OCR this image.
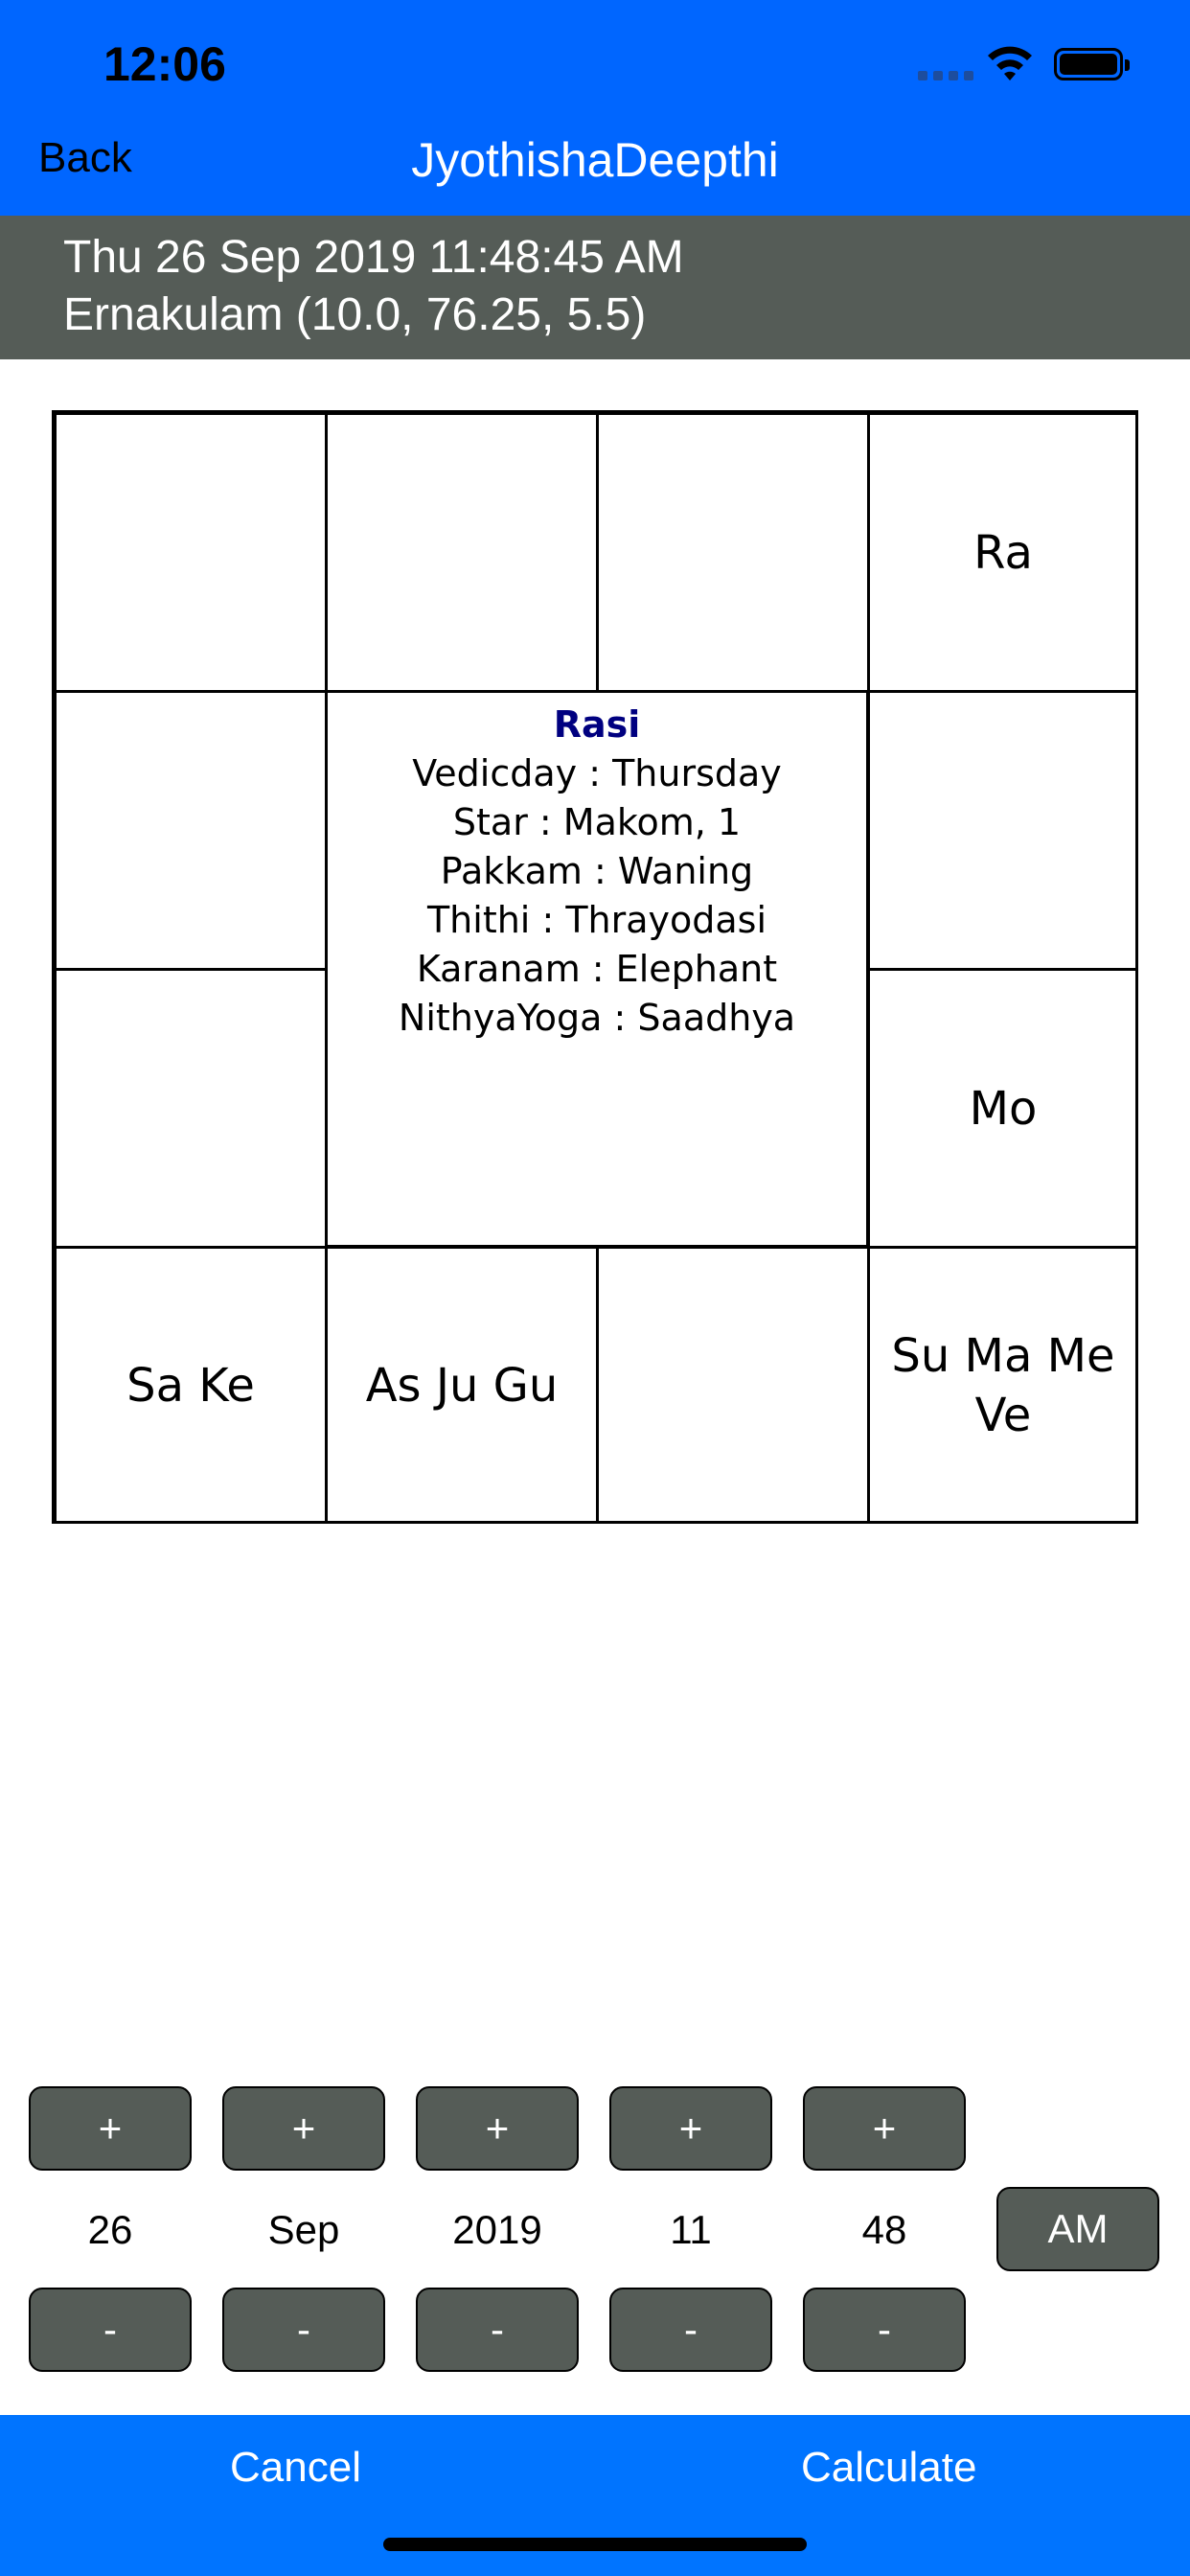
12:06
Back	JyothishaDeepthi
Thu 26 Sep 2019 11:48:45 AM
Ernakulam (10.0, 76.25, 5.5)
Ra
Mo
Sa Ke	As Ju Gu
Su Ma Me Ve
Rasi
Vedicday : Thursday
Star : Makom, 1
Pakkam : Waning
Thithi : Thrayodasi
Karanam : Elephant
NithyaYoga : Saadhya
+	+	+	+	+
26	Sep	2019	11	48	AM
-	-	-	-	-
Cancel	Calculate
